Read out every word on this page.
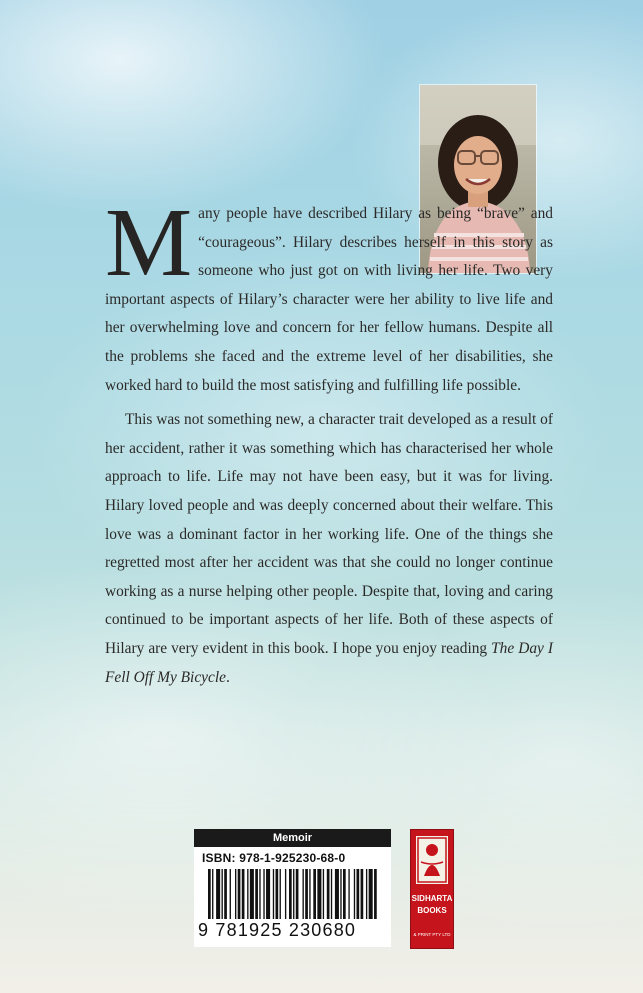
Many people have described Hilary as being “brave” and “courageous”. Hilary describes herself in this story as someone who just got on with living her life. Two very important aspects of Hilary’s character were her ability to live life and her overwhelming love and concern for her fellow humans. Despite all the problems she faced and the extreme level of her disabilities, she worked hard to build the most satisfying and fulfilling life possible.

This was not something new, a character trait developed as a result of her accident, rather it was something which has characterised her whole approach to life. Life may not have been easy, but it was for living. Hilary loved people and was deeply concerned about their welfare. This love was a dominant factor in her working life. One of the things she regretted most after her accident was that she could no longer continue working as a nurse helping other people. Despite that, loving and caring continued to be important aspects of her life. Both of these aspects of Hilary are very evident in this book. I hope you enjoy reading The Day I Fell Off My Bicycle.

Memoir
ISBN: 978-1-925230-68-0
9 781925 230680
SIDHARTA
BOOKS
& PRINT PTY LTD
